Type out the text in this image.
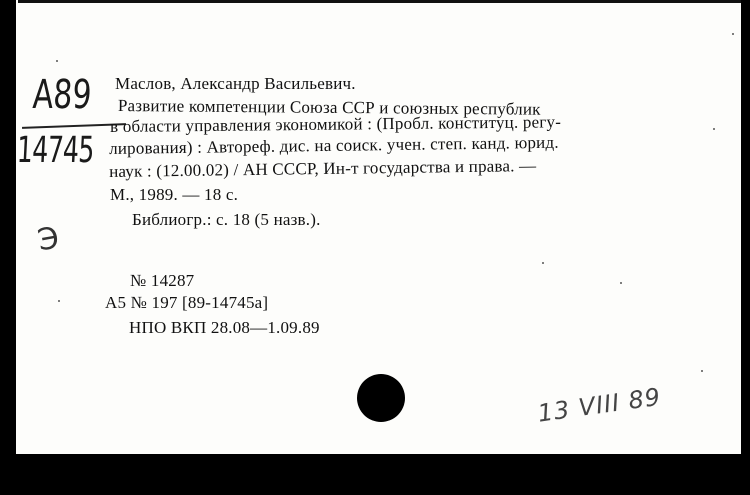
А89
14745
Э
Маслов, Александр Васильевич.
Развитие компетенции Союза ССР и союзных республик
в области управления экономикой : (Пробл. конституц. регу-
лирования) : Автореф. дис. на соиск. учен. степ. канд. юрид.
наук : (12.00.02) / АН СССР, Ин-т государства и права. —
М., 1989. — 18 с.
Библиогр.: с. 18 (5 назв.).
№ 14287
А5 № 197 [89-14745а]
НПО ВКП 28.08—1.09.89
13 VIII 89
